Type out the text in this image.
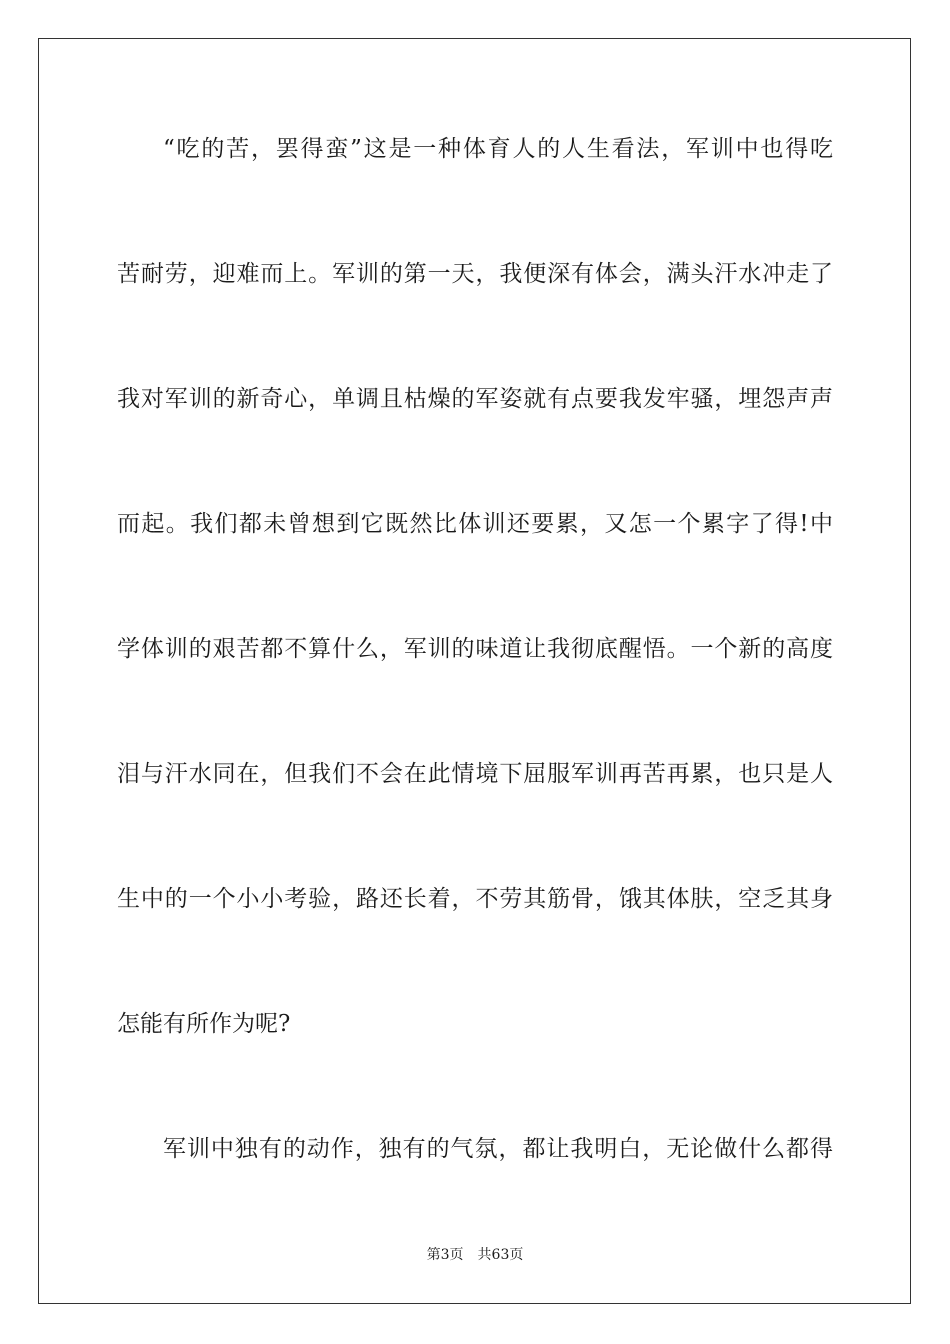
“吃的苦，罢得蛮”这是一种体育人的人生看法，军训中也得吃
苦耐劳，迎难而上。军训的第一天，我便深有体会，满头汗水冲走了
我对军训的新奇心，单调且枯燥的军姿就有点要我发牢骚，埋怨声声
而起。我们都未曾想到它既然比体训还要累，又怎一个累字了得!中
学体训的艰苦都不算什么，军训的味道让我彻底醒悟。一个新的高度
泪与汗水同在，但我们不会在此情境下屈服军训再苦再累，也只是人
生中的一个小小考验，路还长着，不劳其筋骨，饿其体肤，空乏其身
怎能有所作为呢?
军训中独有的动作，独有的气氛，都让我明白，无论做什么都得
第3页 共63页
